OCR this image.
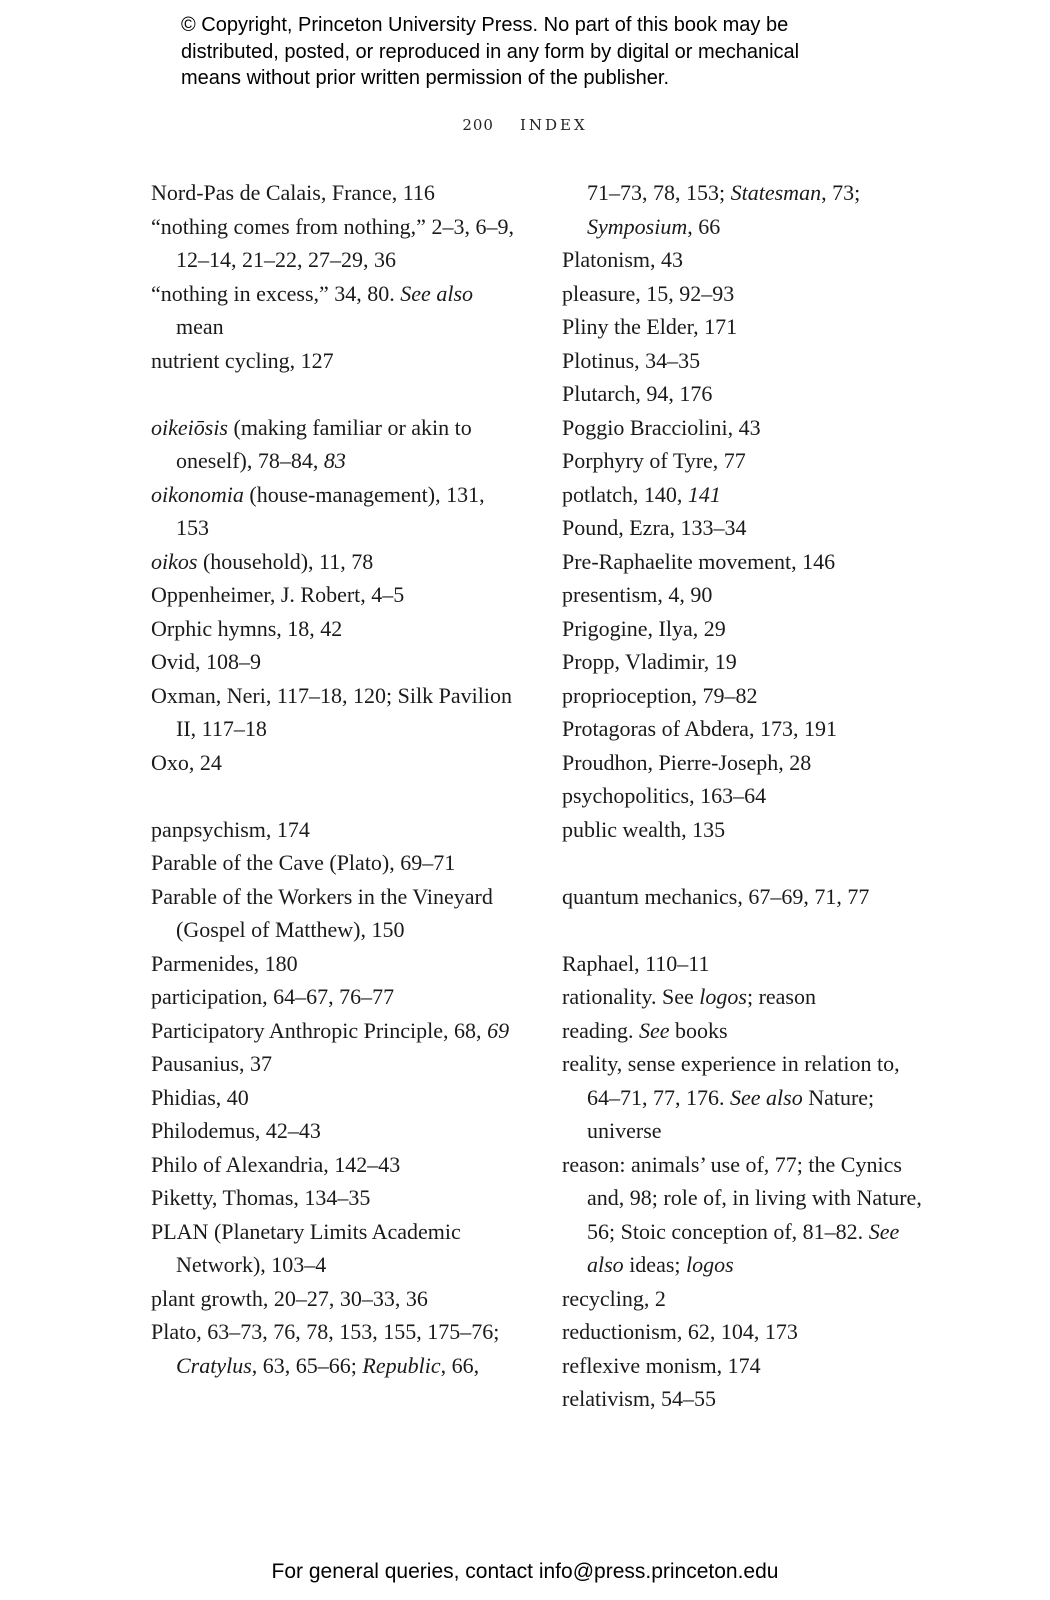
© Copyright, Princeton University Press. No part of this book may be
distributed, posted, or reproduced in any form by digital or mechanical
means without prior written permission of the publisher.
200 INDEX
Nord-Pas de Calais, France, 116
“nothing comes from nothing,” 2–3, 6–9, 12–14, 21–22, 27–29, 36
“nothing in excess,” 34, 80. See also mean
nutrient cycling, 127
oikeiōsis (making familiar or akin to oneself), 78–84, 83
oikonomia (house-management), 131, 153
oikos (household), 11, 78
Oppenheimer, J. Robert, 4–5
Orphic hymns, 18, 42
Ovid, 108–9
Oxman, Neri, 117–18, 120; Silk Pavilion II, 117–18
Oxo, 24
panpsychism, 174
Parable of the Cave (Plato), 69–71
Parable of the Workers in the Vineyard (Gospel of Matthew), 150
Parmenides, 180
participation, 64–67, 76–77
Participatory Anthropic Principle, 68, 69
Pausanius, 37
Phidias, 40
Philodemus, 42–43
Philo of Alexandria, 142–43
Piketty, Thomas, 134–35
PLAN (Planetary Limits Academic Network), 103–4
plant growth, 20–27, 30–33, 36
Plato, 63–73, 76, 78, 153, 155, 175–76; Cratylus, 63, 65–66; Republic, 66,
71–73, 78, 153; Statesman, 73; Symposium, 66
Platonism, 43
pleasure, 15, 92–93
Pliny the Elder, 171
Plotinus, 34–35
Plutarch, 94, 176
Poggio Bracciolini, 43
Porphyry of Tyre, 77
potlatch, 140, 141
Pound, Ezra, 133–34
Pre-Raphaelite movement, 146
presentism, 4, 90
Prigogine, Ilya, 29
Propp, Vladimir, 19
proprioception, 79–82
Protagoras of Abdera, 173, 191
Proudhon, Pierre-Joseph, 28
psychopolitics, 163–64
public wealth, 135
quantum mechanics, 67–69, 71, 77
Raphael, 110–11
rationality. See logos; reason
reading. See books
reality, sense experience in relation to, 64–71, 77, 176. See also Nature; universe
reason: animals’ use of, 77; the Cynics and, 98; role of, in living with Nature, 56; Stoic conception of, 81–82. See also ideas; logos
recycling, 2
reductionism, 62, 104, 173
reflexive monism, 174
relativism, 54–55
For general queries, contact info@press.princeton.edu
